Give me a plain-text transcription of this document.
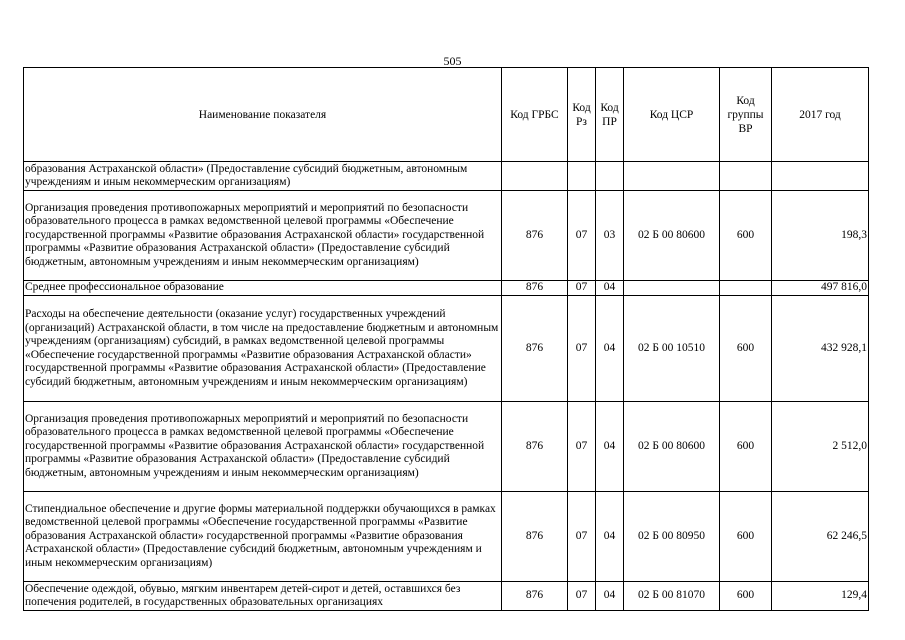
505
Наименование показателя	Код ГРБС	Код Рз	Код ПР	Код ЦСР	Код группы ВР	2017 год
образования Астраханской области» (Предоставление субсидий бюджетным, автономным учреждениям и иным некоммерческим организациям)						
Организация проведения противопожарных мероприятий и мероприятий по безопасности образовательного процесса в рамках ведомственной целевой программы «Обеспечение государственной программы «Развитие образования Астраханской области» государственной программы «Развитие образования Астраханской области» (Предоставление субсидий бюджетным, автономным учреждениям и иным некоммерческим организациям)	876	07	03	02 Б 00 80600	600	198,3
Среднее профессиональное образование	876	07	04			497 816,0
Расходы на обеспечение деятельности (оказание услуг) государственных учреждений (организаций) Астраханской области, в том числе на предоставление бюджетным и автономным учреждениям (организациям) субсидий, в рамках ведомственной целевой программы «Обеспечение государственной программы «Развитие образования Астраханской области» государственной программы «Развитие образования Астраханской области» (Предоставление субсидий бюджетным, автономным учреждениям и иным некоммерческим организациям)	876	07	04	02 Б 00 10510	600	432 928,1
Организация проведения противопожарных мероприятий и мероприятий по безопасности образовательного процесса в рамках ведомственной целевой программы «Обеспечение государственной программы «Развитие образования Астраханской области» государственной программы «Развитие образования Астраханской области» (Предоставление субсидий бюджетным, автономным учреждениям и иным некоммерческим организациям)	876	07	04	02 Б 00 80600	600	2 512,0
Стипендиальное обеспечение и другие формы материальной поддержки обучающихся в рамках ведомственной целевой программы «Обеспечение государственной программы «Развитие образования Астраханской области» государственной программы «Развитие образования Астраханской области» (Предоставление субсидий бюджетным, автономным учреждениям и иным некоммерческим организациям)	876	07	04	02 Б 00 80950	600	62 246,5
Обеспечение одеждой, обувью, мягким инвентарем детей-сирот и детей, оставшихся без попечения родителей, в государственных образовательных организациях	876	07	04	02 Б 00 81070	600	129,4
